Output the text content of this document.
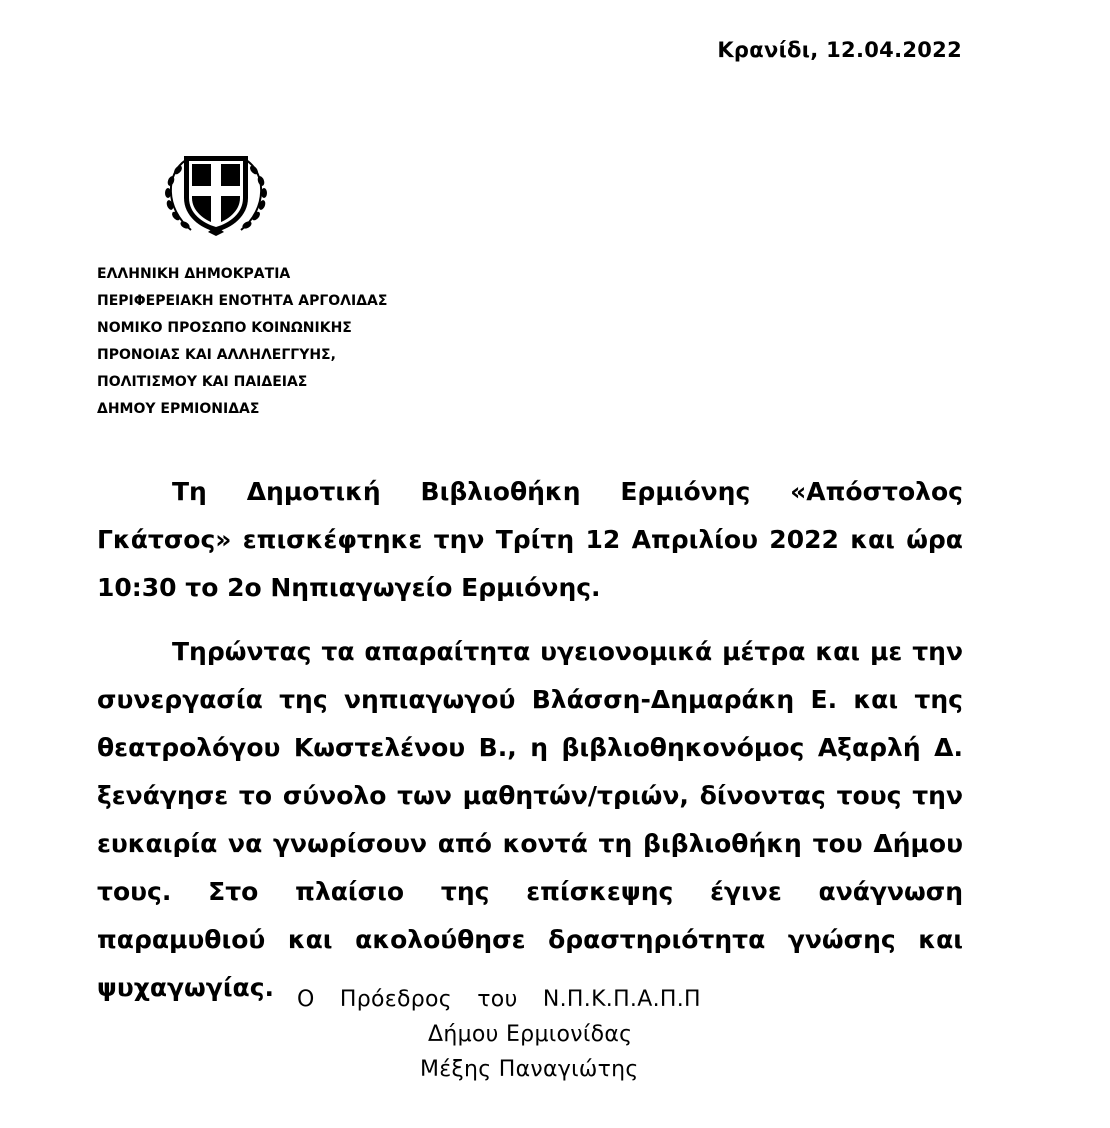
Κρανίδι, 12.04.2022
ΕΛΛΗΝΙΚΗ ΔΗΜΟΚΡΑΤΙΑ
ΠΕΡΙΦΕΡΕΙΑΚΗ ΕΝΟΤΗΤΑ ΑΡΓΟΛΙΔΑΣ
ΝΟΜΙΚΟ ΠΡΟΣΩΠΟ ΚΟΙΝΩΝΙΚΗΣ
ΠΡΟΝΟΙΑΣ ΚΑΙ ΑΛΛΗΛΕΓΓΥΗΣ,
ΠΟΛΙΤΙΣΜΟΥ ΚΑΙ ΠΑΙΔΕΙΑΣ
ΔΗΜΟΥ ΕΡΜΙΟΝΙΔΑΣ

Τη Δημοτική Βιβλιοθήκη Ερμιόνης «Απόστολος Γκάτσος» επισκέφτηκε την Τρίτη 12 Απριλίου 2022 και ώρα 10:30 το 2ο Νηπιαγωγείο Ερμιόνης.

Τηρώντας τα απαραίτητα υγειονομικά μέτρα και με την συνεργασία της νηπιαγωγού Βλάσση-Δημαράκη Ε. και της θεατρολόγου Κωστελένου Β., η βιβλιοθηκονόμος Αξαρλή Δ. ξενάγησε το σύνολο των μαθητών/τριών, δίνοντας τους την ευκαιρία να γνωρίσουν από κοντά τη βιβλιοθήκη του Δήμου τους. Στο πλαίσιο της επίσκεψης έγινε ανάγνωση παραμυθιού και ακολούθησε δραστηριότητα γνώσης και ψυχαγωγίας.	Ο Πρόεδρος του Ν.Π.Κ.Π.Α.Π.Π
Δήμου Ερμιονίδας
Μέξης Παναγιώτης
